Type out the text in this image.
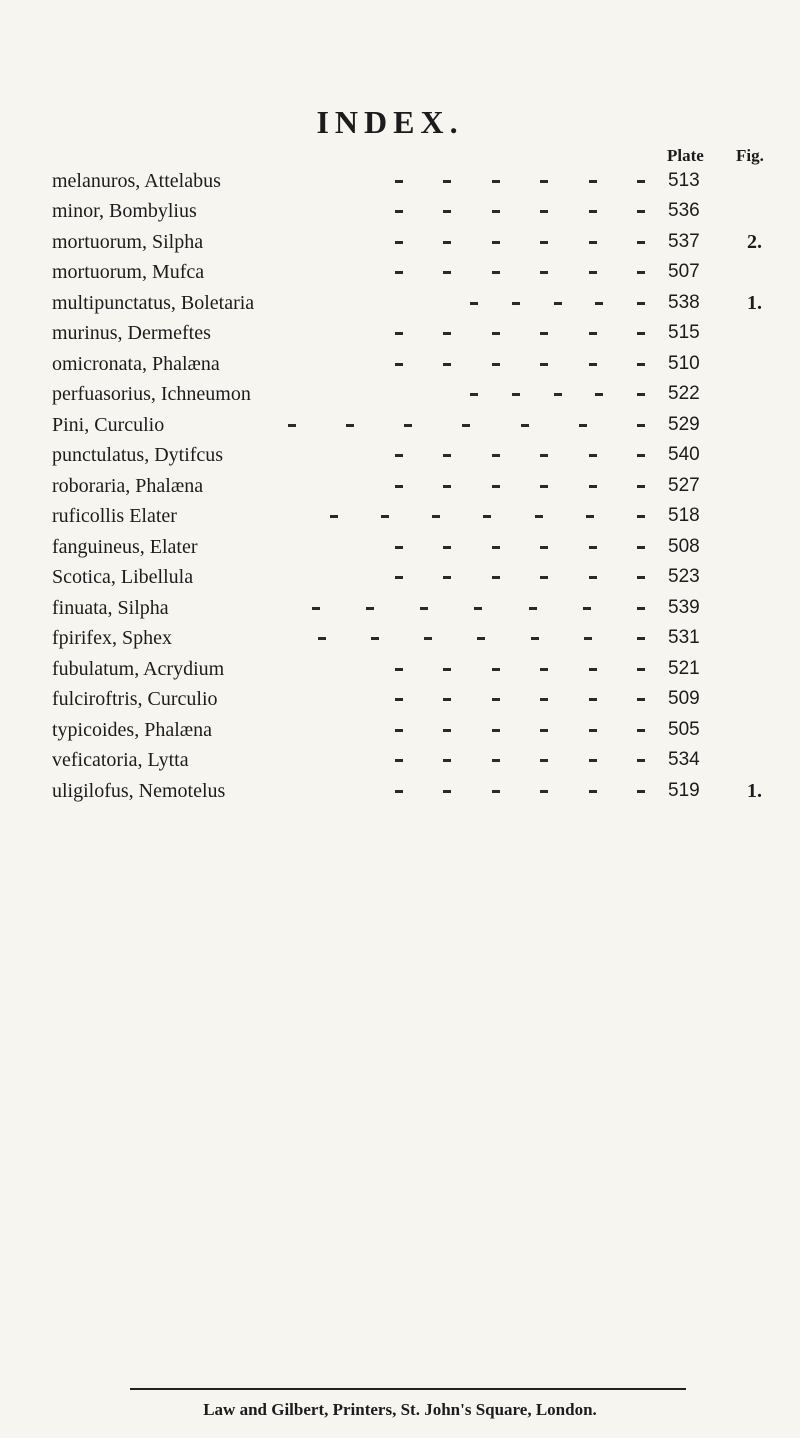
INDEX.
Plate Fig.
melanuros, Attelabus	513
minor, Bombylius	536
mortuorum, Silpha	537 2.
mortuorum, Mufca	507
multipunctatus, Boletaria	538 1.
murinus, Dermeftes	515
omicronata, Phalæna	510
perfuasorius, Ichneumon	522
Pini, Curculio	529
punctulatus, Dytifcus	540
roboraria, Phalæna	527
ruficollis Elater	518
fanguineus, Elater	508
Scotica, Libellula	523
finuata, Silpha	539
fpirifex, Sphex	531
fubulatum, Acrydium	521
fulciroftris, Curculio	509
typicoides, Phalæna	505
veficatoria, Lytta	534
uligilofus, Nemotelus	519 1.
Law and Gilbert, Printers, St. John's Square, London.
